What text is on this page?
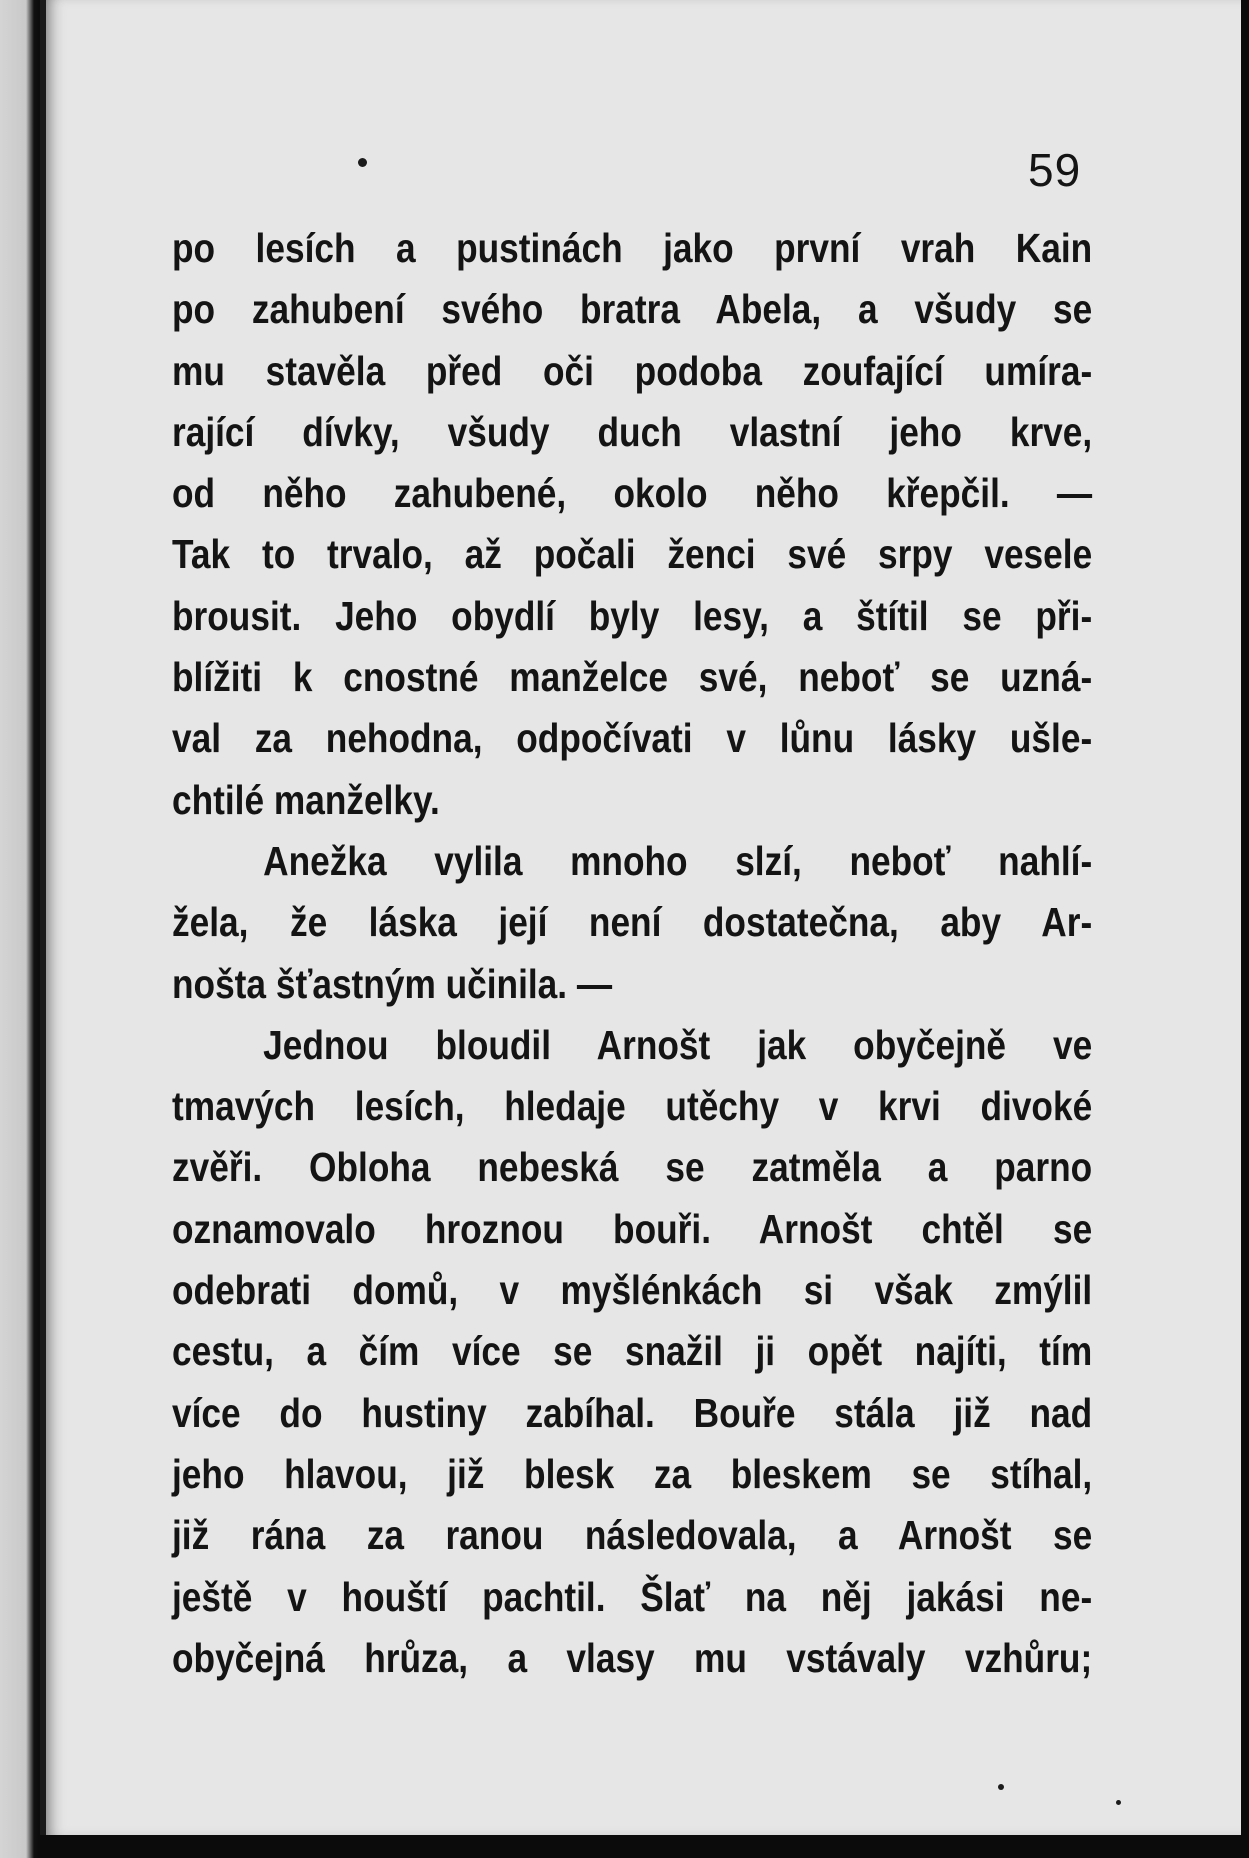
59
po lesích a pustinách jako první vrah Kain
po zahubení svého bratra Abela, a všudy se
mu stavěla před oči podoba zoufající umíra-
rající dívky, všudy duch vlastní jeho krve,
od něho zahubené, okolo něho křepčil. —
Tak to trvalo, až počali ženci své srpy vesele
brousit. Jeho obydlí byly lesy, a štítil se při-
blížiti k cnostné manželce své, neboť se uzná-
val za nehodna, odpočívati v lůnu lásky ušle-
chtilé manželky.
Anežka vylila mnoho slzí, neboť nahlí-
žela, že láska její není dostatečna, aby Ar-
nošta šťastným učinila. —
Jednou bloudil Arnošt jak obyčejně ve
tmavých lesích, hledaje utěchy v krvi divoké
zvěři. Obloha nebeská se zatměla a parno
oznamovalo hroznou bouři. Arnošt chtěl se
odebrati domů, v myšlénkách si však zmýlil
cestu, a čím více se snažil ji opět najíti, tím
více do hustiny zabíhal. Bouře stála již nad
jeho hlavou, již blesk za bleskem se stíhal,
již rána za ranou následovala, a Arnošt se
ještě v houští pachtil. Šlať na něj jakási ne-
obyčejná hrůza, a vlasy mu vstávaly vzhůru;
